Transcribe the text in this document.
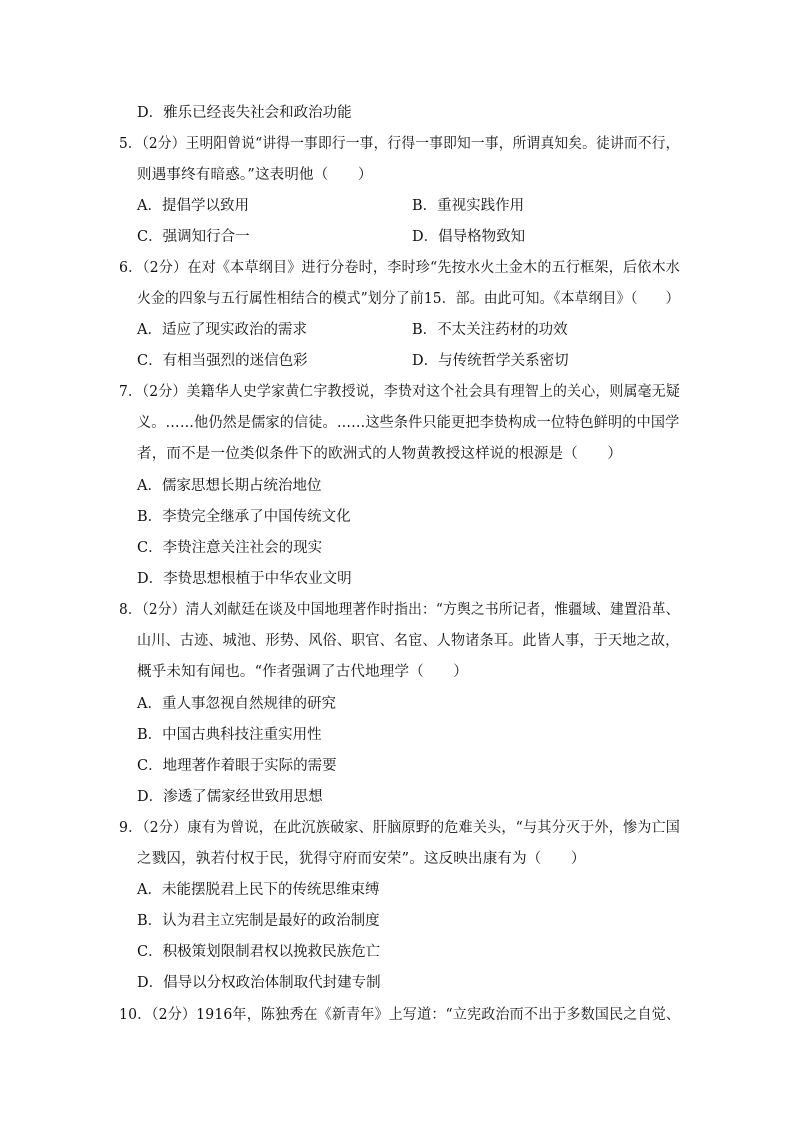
D．雅乐已经丧失社会和政治功能
5．（2分）王明阳曾说“讲得一事即行一事，行得一事即知一事，所谓真知矣。徒讲而不行，
则遇事终有暗惑。”这表明他（　　）
A．提倡学以致用	B．重视实践作用
C．强调知行合一	D．倡导格物致知
6．（2分）在对《本草纲目》进行分卷时，李时珍“先按水火土金木的五行框架，后依木水
火金的四象与五行属性相结合的模式”划分了前15．部。由此可知。《本草纲目》（　　）
A．适应了现实政治的需求	B．不太关注药材的功效
C．有相当强烈的迷信色彩	D．与传统哲学关系密切
7．（2分）美籍华人史学家黄仁宇教授说，李贽对这个社会具有理智上的关心，则属毫无疑
义。……他仍然是儒家的信徒。……这些条件只能更把李贽构成一位特色鲜明的中国学
者，而不是一位类似条件下的欧洲式的人物黄教授这样说的根源是（　　）
A．儒家思想长期占统治地位
B．李贽完全继承了中国传统文化
C．李贽注意关注社会的现实
D．李贽思想根植于中华农业文明
8．（2分）清人刘献廷在谈及中国地理著作时指出：“方舆之书所记者，惟疆域、建置沿革、
山川、古迹、城池、形势、风俗、职官、名宦、人物诸条耳。此皆人事，于天地之故，
概乎未知有闻也。“作者强调了古代地理学（　　）
A．重人事忽视自然规律的研究
B．中国古典科技注重实用性
C．地理著作着眼于实际的需要
D．渗透了儒家经世致用思想
9．（2分）康有为曾说，在此沉族破家、肝脑原野的危难关头，“与其分灭于外，惨为亡国
之戮囚，孰若付权于民，犹得守府而安荣”。这反映出康有为（　　）
A．未能摆脱君上民下的传统思维束缚
B．认为君主立宪制是最好的政治制度
C．积极策划限制君权以挽救民族危亡
D．倡导以分权政治体制取代封建专制
10．（2分）1916年，陈独秀在《新青年》上写道：“立宪政治而不出于多数国民之自觉、
